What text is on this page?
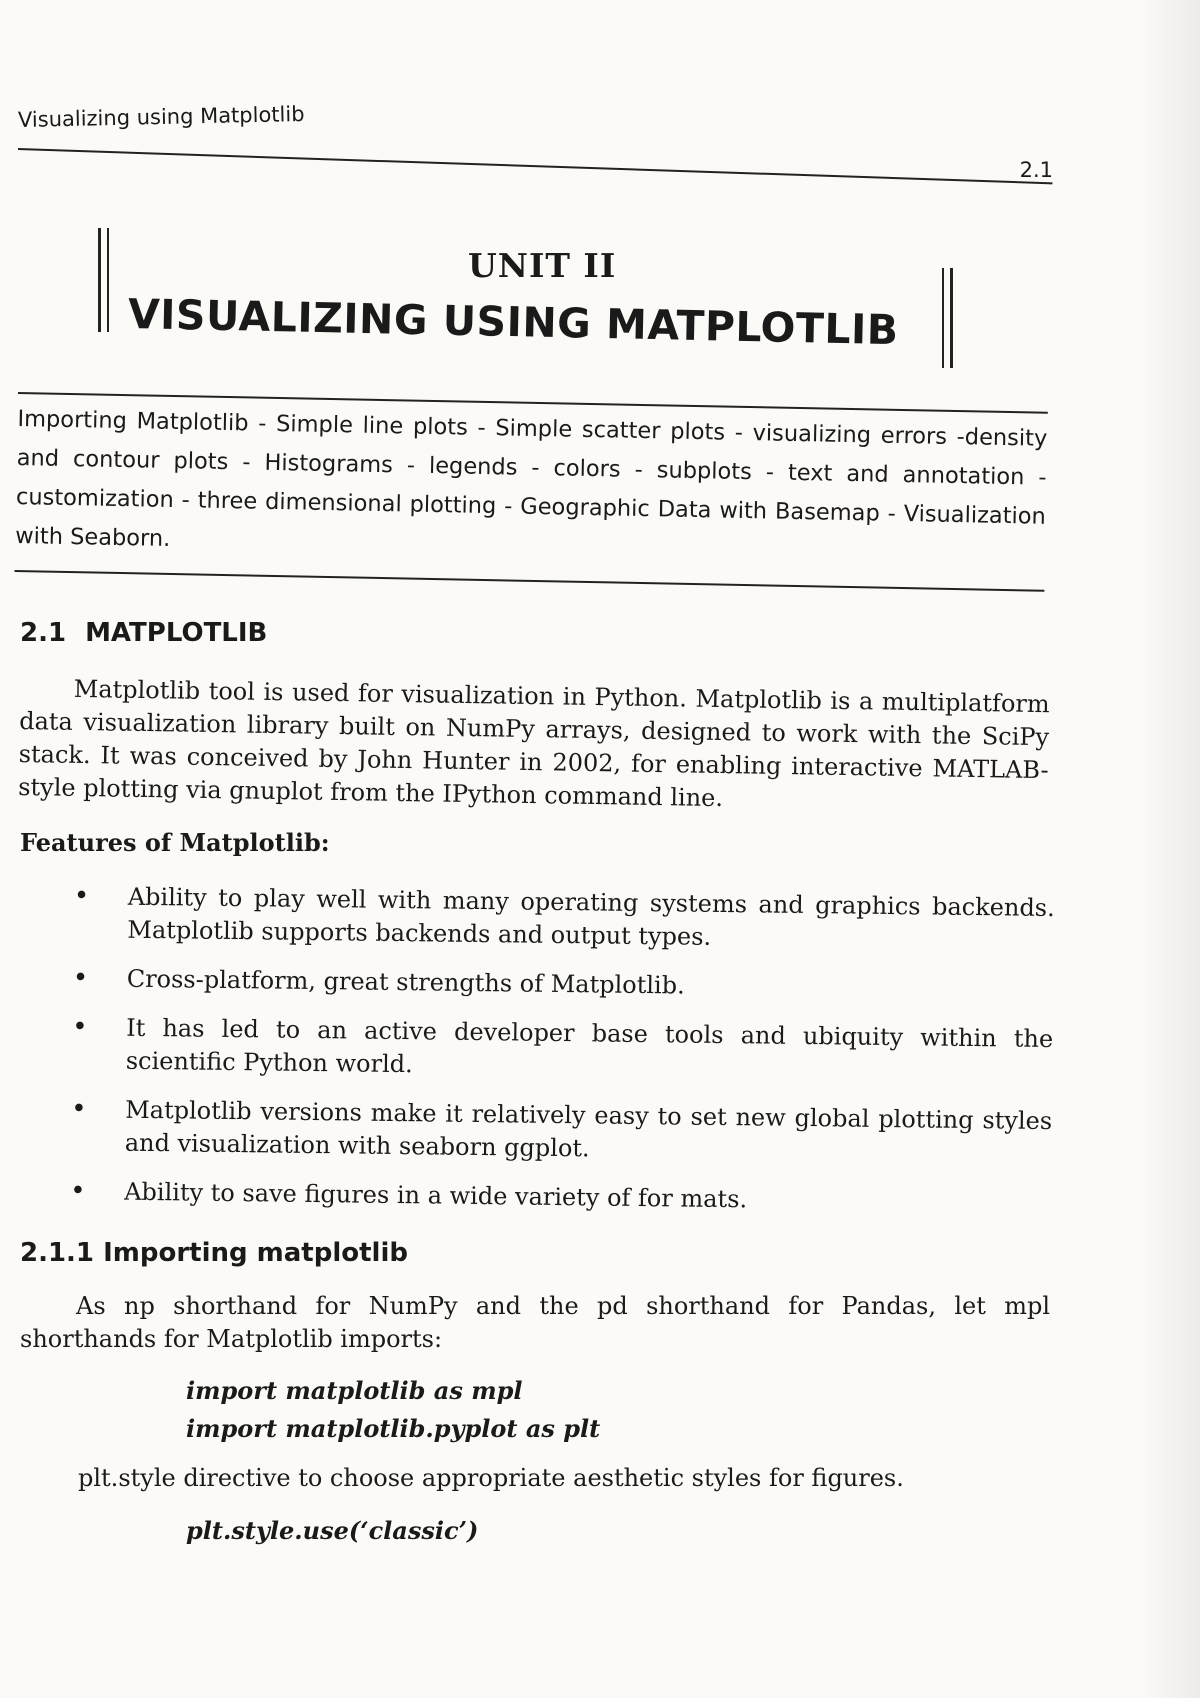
Visualizing using Matplotlib
2.1
UNIT II
VISUALIZING USING MATPLOTLIB

Importing Matplotlib - Simple line plots - Simple scatter plots - visualizing errors -density and contour plots - Histograms - legends - colors - subplots - text and annotation - customization - three dimensional plotting - Geographic Data with Basemap - Visualization with Seaborn.

2.1 MATPLOTLIB

Matplotlib tool is used for visualization in Python. Matplotlib is a multiplatform data visualization library built on NumPy arrays, designed to work with the SciPy stack. It was conceived by John Hunter in 2002, for enabling interactive MATLAB-style plotting via gnuplot from the IPython command line.

Features of Matplotlib:
• Ability to play well with many operating systems and graphics backends. Matplotlib supports backends and output types.
• Cross-platform, great strengths of Matplotlib.
• It has led to an active developer base tools and ubiquity within the scientific Python world.
• Matplotlib versions make it relatively easy to set new global plotting styles and visualization with seaborn ggplot.
• Ability to save figures in a wide variety of for mats.
2.1.1 Importing matplotlib

As np shorthand for NumPy and the pd shorthand for Pandas, let mpl shorthands for Matplotlib imports:

import matplotlib as mpl
import matplotlib.pyplot as plt
plt.style directive to choose appropriate aesthetic styles for figures.
plt.style.use(‘classic’)
